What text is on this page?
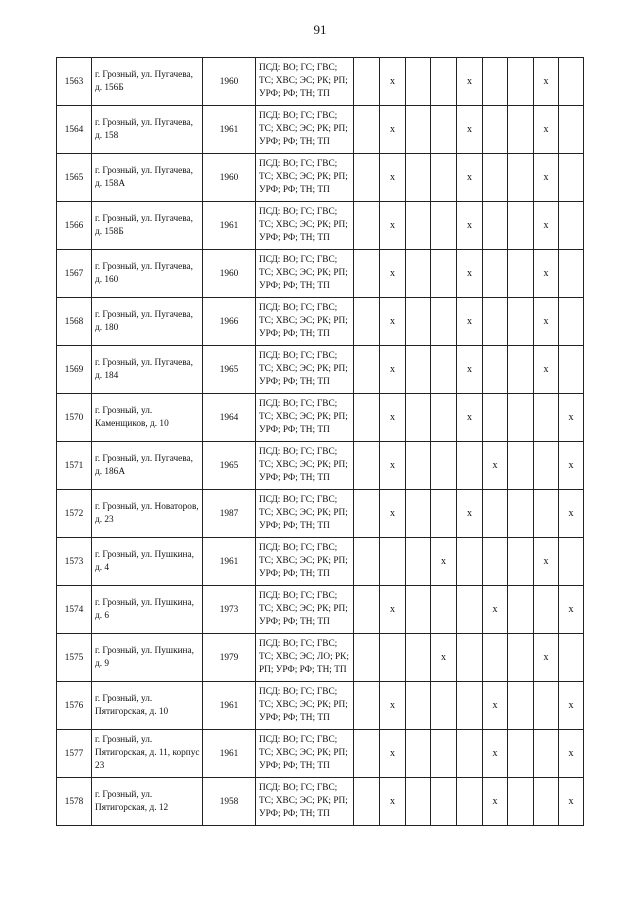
91
1563	г. Грозный, ул. Пугачева, д. 156Б	1960	ПСД: ВО; ГС; ГВС; ТС; ХВС; ЭС; РК; РП; УРФ; РФ; ТН; ТП		x			x			x	
1564	г. Грозный, ул. Пугачева, д. 158	1961	ПСД: ВО; ГС; ГВС; ТС; ХВС; ЭС; РК; РП; УРФ; РФ; ТН; ТП		x			x			x	
1565	г. Грозный, ул. Пугачева, д. 158А	1960	ПСД: ВО; ГС; ГВС; ТС; ХВС; ЭС; РК; РП; УРФ; РФ; ТН; ТП		x			x			x	
1566	г. Грозный, ул. Пугачева, д. 158Б	1961	ПСД: ВО; ГС; ГВС; ТС; ХВС; ЭС; РК; РП; УРФ; РФ; ТН; ТП		x			x			x	
1567	г. Грозный, ул. Пугачева, д. 160	1960	ПСД: ВО; ГС; ГВС; ТС; ХВС; ЭС; РК; РП; УРФ; РФ; ТН; ТП		x			x			x	
1568	г. Грозный, ул. Пугачева, д. 180	1966	ПСД: ВО; ГС; ГВС; ТС; ХВС; ЭС; РК; РП; УРФ; РФ; ТН; ТП		x			x			x	
1569	г. Грозный, ул. Пугачева, д. 184	1965	ПСД: ВО; ГС; ГВС; ТС; ХВС; ЭС; РК; РП; УРФ; РФ; ТН; ТП		x			x			x	
1570	г. Грозный, ул. Каменщиков, д. 10	1964	ПСД: ВО; ГС; ГВС; ТС; ХВС; ЭС; РК; РП; УРФ; РФ; ТН; ТП		x			x				x
1571	г. Грозный, ул. Пугачева, д. 186А	1965	ПСД: ВО; ГС; ГВС; ТС; ХВС; ЭС; РК; РП; УРФ; РФ; ТН; ТП		x				x			x
1572	г. Грозный, ул. Новаторов, д. 23	1987	ПСД: ВО; ГС; ГВС; ТС; ХВС; ЭС; РК; РП; УРФ; РФ; ТН; ТП		x			x				x
1573	г. Грозный, ул. Пушкина, д. 4	1961	ПСД: ВО; ГС; ГВС; ТС; ХВС; ЭС; РК; РП; УРФ; РФ; ТН; ТП				x				x	
1574	г. Грозный, ул. Пушкина, д. 6	1973	ПСД: ВО; ГС; ГВС; ТС; ХВС; ЭС; РК; РП; УРФ; РФ; ТН; ТП		x				x			x
1575	г. Грозный, ул. Пушкина, д. 9	1979	ПСД: ВО; ГС; ГВС; ТС; ХВС; ЭС; ЛО; РК; РП; УРФ; РФ; ТН; ТП				x				x	
1576	г. Грозный, ул. Пятигорская, д. 10	1961	ПСД: ВО; ГС; ГВС; ТС; ХВС; ЭС; РК; РП; УРФ; РФ; ТН; ТП		x				x			x
1577	г. Грозный, ул. Пятигорская, д. 11, корпус 23	1961	ПСД: ВО; ГС; ГВС; ТС; ХВС; ЭС; РК; РП; УРФ; РФ; ТН; ТП		x				x			x
1578	г. Грозный, ул. Пятигорская, д. 12	1958	ПСД: ВО; ГС; ГВС; ТС; ХВС; ЭС; РК; РП; УРФ; РФ; ТН; ТП		x				x			x
